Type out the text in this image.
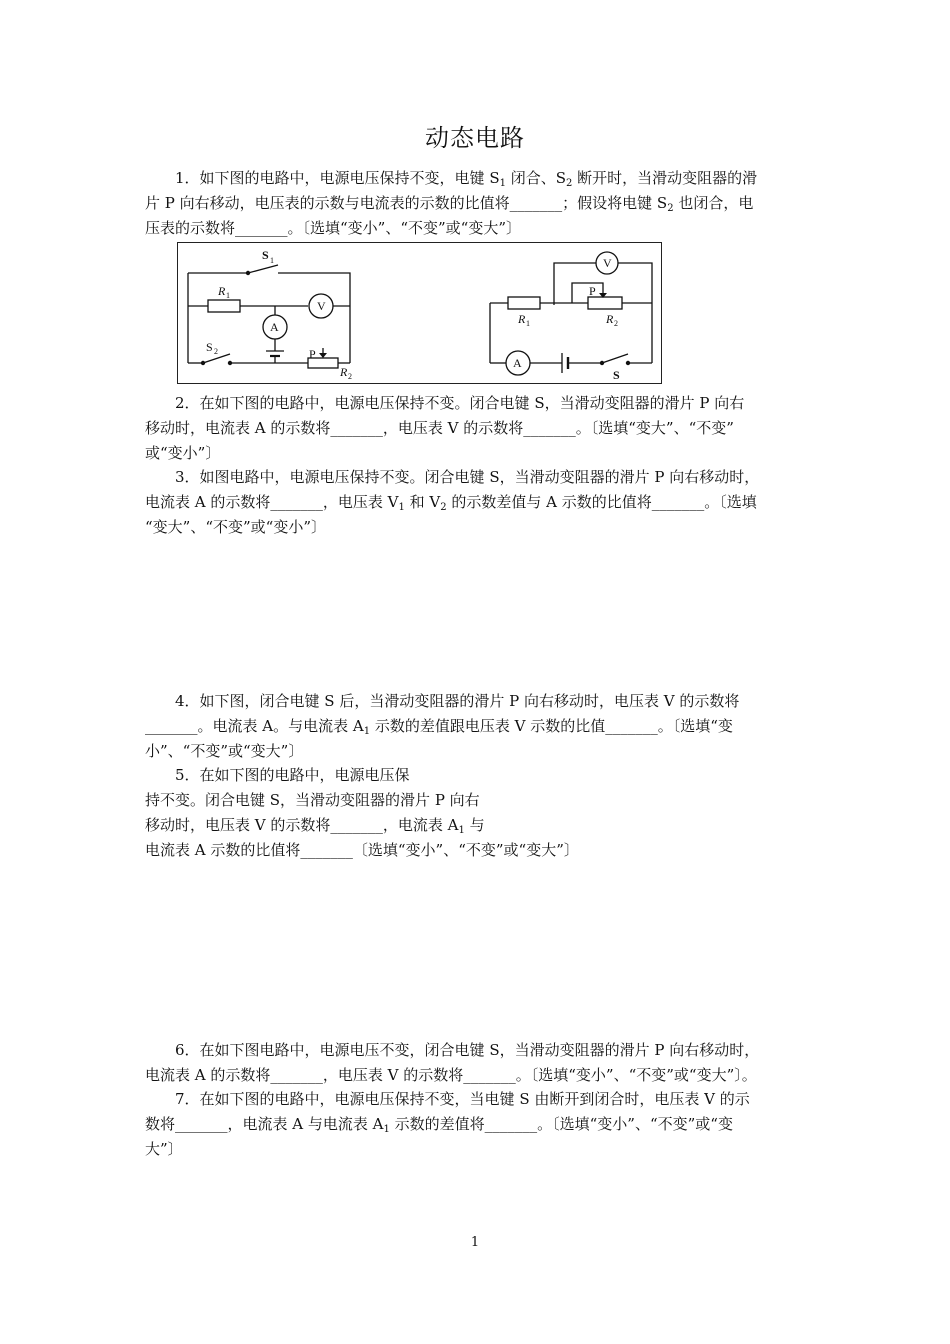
动态电路
1．如下图的电路中，电源电压保持不变，电键 $S_1$ 闭合、$S_2$ 断开时，当滑动变阻器的滑
片 P 向右移动，电压表的示数与电流表的示数的比值将_______；假设将电键 $S_2$ 也闭合，电
压表的示数将_______。〔选填“变小”、“不变”或“变大”〕
S 1
R 1
V
A
S 2	P
R 2
V
P
R 1	R 2
A
S
2．在如下图的电路中，电源电压保持不变。闭合电键 S，当滑动变阻器的滑片 P 向右
移动时，电流表 A 的示数将_______，电压表 V 的示数将_______。〔选填“变大”、“不变”
或“变小”〕
3．如图电路中，电源电压保持不变。闭合电键 S，当滑动变阻器的滑片 P 向右移动时，
电流表 A 的示数将_______，电压表 $V_1$ 和 $V_2$ 的示数差值与 A 示数的比值将_______。〔选填
“变大”、“不变”或“变小”〕
4．如下图，闭合电键 S 后，当滑动变阻器的滑片 P 向右移动时，电压表 V 的示数将
_______。电流表 A。与电流表 $A_1$ 示数的差值跟电压表 V 示数的比值_______。〔选填“变
小”、“不变”或“变大”〕
5．在如下图的电路中，电源电压保
持不变。闭合电键 S，当滑动变阻器的滑片 P 向右
移动时，电压表 V 的示数将_______，电流表 $A_1$ 与
电流表 A 示数的比值将_______〔选填“变小”、“不变”或“变大”〕
6．在如下图电路中，电源电压不变，闭合电键 S，当滑动变阻器的滑片 P 向右移动时，
电流表 A 的示数将_______，电压表 V 的示数将_______。〔选填“变小”、“不变”或“变大”〕。
7．在如下图的电路中，电源电压保持不变，当电键 S 由断开到闭合时，电压表 V 的示
数将_______，电流表 A 与电流表 $A_1$ 示数的差值将_______。〔选填“变小”、“不变”或“变
大”〕
1
